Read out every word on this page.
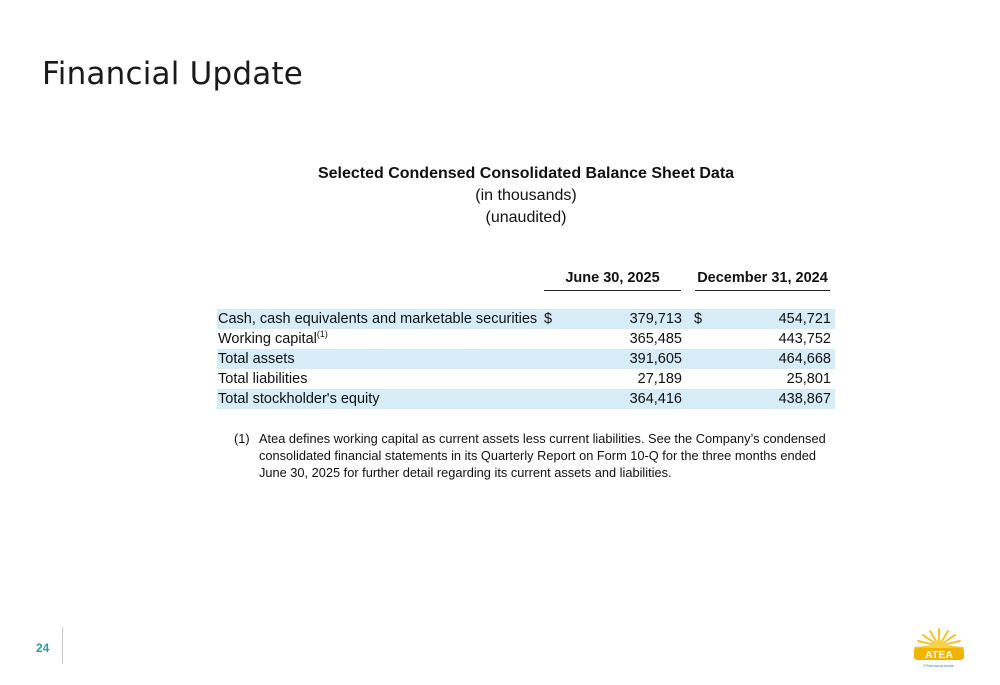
Financial Update
Selected Condensed Consolidated Balance Sheet Data
(in thousands)
(unaudited)
June 30, 2025	December 31, 2024
Cash, cash equivalents and marketable securities $	379,713 $	454,721
Working capital$^{(1)}$	365,485	443,752
Total assets	391,605	464,668
Total liabilities	27,189	25,801
Total stockholder's equity	364,416	438,867
(1) Atea defines working capital as current assets less current liabilities. See the Company’s condensed consolidated financial statements in its Quarterly Report on Form 10-Q for the three months ended June 30, 2025 for further detail regarding its current assets and liabilities.
24	ATEA
Pharmaceuticals
